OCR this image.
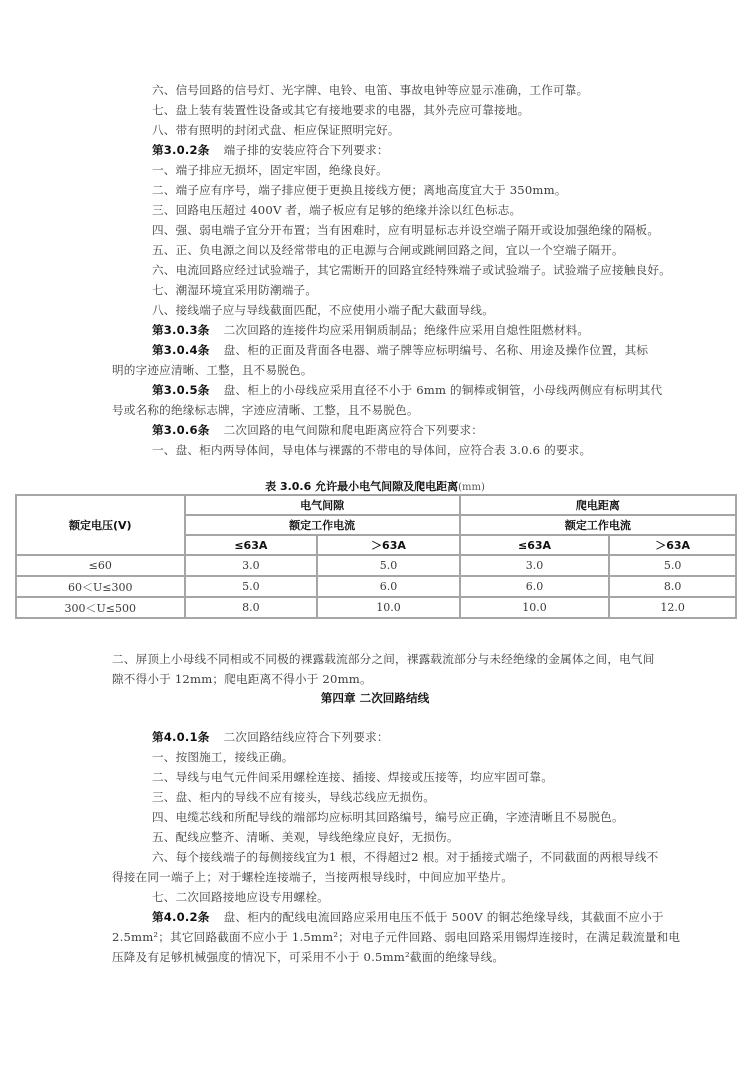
六、信号回路的信号灯、光字牌、电铃、电笛、事故电钟等应显示准确，工作可靠。
七、盘上装有装置性设备或其它有接地要求的电器，其外壳应可靠接地。
八、带有照明的封闭式盘、柜应保证照明完好。
第3.0.2条 端子排的安装应符合下列要求：
一、端子排应无损坏，固定牢固，绝缘良好。
二、端子应有序号，端子排应便于更换且接线方便；离地高度宜大于 350mm。
三、回路电压超过 400V 者，端子板应有足够的绝缘并涂以红色标志。
四、强、弱电端子宜分开布置；当有困难时，应有明显标志并设空端子隔开或设加强绝缘的隔板。
五、正、负电源之间以及经常带电的正电源与合闸或跳闸回路之间，宜以一个空端子隔开。
六、电流回路应经过试验端子，其它需断开的回路宜经特殊端子或试验端子。试验端子应接触良好。
七、潮湿环境宜采用防潮端子。
八、接线端子应与导线截面匹配，不应使用小端子配大截面导线。
第3.0.3条 二次回路的连接件均应采用铜质制品；绝缘件应采用自熄性阻燃材料。
第3.0.4条 盘、柜的正面及背面各电器、端子牌等应标明编号、名称、用途及操作位置，其标
明的字迹应清晰、工整，且不易脱色。
第3.0.5条 盘、柜上的小母线应采用直径不小于 6mm 的铜棒或铜管，小母线两侧应有标明其代
号或名称的绝缘标志牌，字迹应清晰、工整，且不易脱色。
第3.0.6条 二次回路的电气间隙和爬电距离应符合下列要求：
一、盘、柜内两导体间，导电体与裸露的不带电的导体间，应符合表 3.0.6 的要求。
表 3.0.6 允许最小电气间隙及爬电距离(mm)
额定电压(V)	电气间隙		爬电距离	
	额定工作电流		额定工作电流	
	≤63A	＞63A	≤63A	＞63A
≤60	3.0	5.0	3.0	5.0
60＜U≤300	5.0	6.0	6.0	8.0
300＜U≤500	8.0	10.0	10.0	12.0
二、屏顶上小母线不同相或不同极的裸露载流部分之间，裸露载流部分与未经绝缘的金属体之间，电气间
隙不得小于 12mm；爬电距离不得小于 20mm。
第四章 二次回路结线
第4.0.1条 二次回路结线应符合下列要求：
一、按图施工，接线正确。
二、导线与电气元件间采用螺栓连接、插接、焊接或压接等，均应牢固可靠。
三、盘、柜内的导线不应有接头，导线芯线应无损伤。
四、电缆芯线和所配导线的端部均应标明其回路编号，编号应正确，字迹清晰且不易脱色。
五、配线应整齐、清晰、美观，导线绝缘应良好，无损伤。
六、每个接线端子的每侧接线宜为1 根，不得超过2 根。对于插接式端子，不同截面的两根导线不
得接在同一端子上；对于螺栓连接端子，当接两根导线时，中间应加平垫片。
七、二次回路接地应设专用螺栓。
第4.0.2条 盘、柜内的配线电流回路应采用电压不低于 500V 的铜芯绝缘导线，其截面不应小于
2.5mm²；其它回路截面不应小于 1.5mm²；对电子元件回路、弱电回路采用锡焊连接时，在满足载流量和电
压降及有足够机械强度的情况下，可采用不小于 0.5mm²截面的绝缘导线。
